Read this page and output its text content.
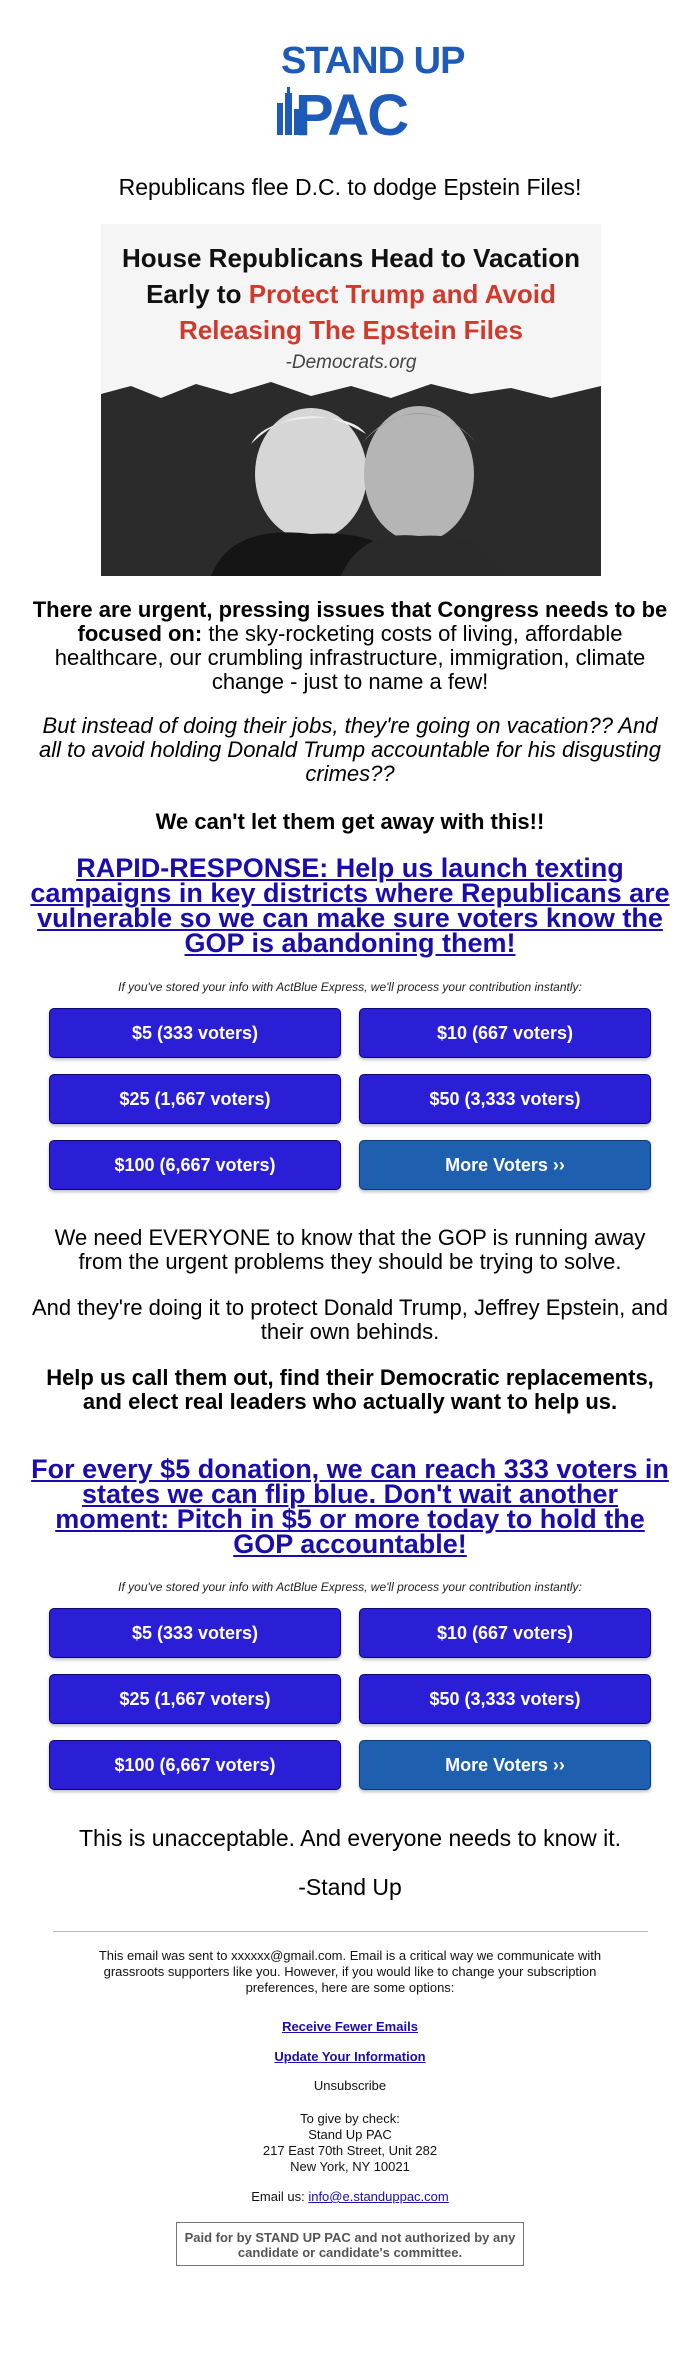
STAND UP
PAC
Republicans flee D.C. to dodge Epstein Files!
House Republicans Head to Vacation
Early to Protect Trump and Avoid
Releasing The Epstein Files
-Democrats.org
There are urgent, pressing issues that Congress needs to be focused on: the sky-rocketing costs of living, affordable healthcare, our crumbling infrastructure, immigration, climate change - just to name a few!
But instead of doing their jobs, they're going on vacation?? And all to avoid holding Donald Trump accountable for his disgusting crimes??
We can't let them get away with this!!
RAPID-RESPONSE: Help us launch texting campaigns in key districts where Republicans are vulnerable so we can make sure voters know the GOP is abandoning them!
If you've stored your info with ActBlue Express, we'll process your contribution instantly:
$5 (333 voters)	$10 (667 voters)
$25 (1,667 voters)	$50 (3,333 voters)
$100 (6,667 voters)	More Voters ››
We need EVERYONE to know that the GOP is running away from the urgent problems they should be trying to solve.
And they're doing it to protect Donald Trump, Jeffrey Epstein, and their own behinds.
Help us call them out, find their Democratic replacements, and elect real leaders who actually want to help us.
For every $5 donation, we can reach 333 voters in states we can flip blue. Don't wait another moment: Pitch in $5 or more today to hold the GOP accountable!
If you've stored your info with ActBlue Express, we'll process your contribution instantly:
$5 (333 voters)	$10 (667 voters)
$25 (1,667 voters)	$50 (3,333 voters)
$100 (6,667 voters)	More Voters ››
This is unacceptable. And everyone needs to know it.
-Stand Up
This email was sent to xxxxxx@gmail.com. Email is a critical way we communicate with grassroots supporters like you. However, if you would like to change your subscription preferences, here are some options:
Receive Fewer Emails
Update Your Information
Unsubscribe
To give by check:
Stand Up PAC
217 East 70th Street, Unit 282
New York, NY 10021
Email us: info@e.standuppac.com
Paid for by STAND UP PAC and not authorized by any candidate or candidate's committee.
